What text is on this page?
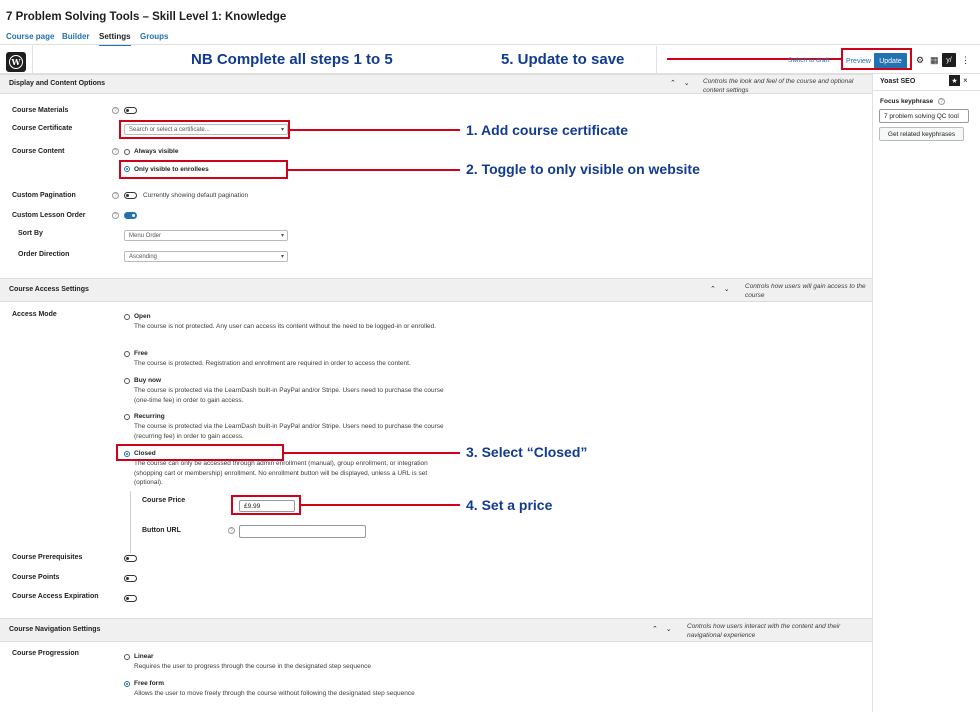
7 Problem Solving Tools – Skill Level 1: Knowledge
Course page Builder Settings Groups
W	NB Complete all steps 1 to 5	5. Update to save	Switch to draft	Preview	Update	⚙ ▦	y/	⋮
Yoast SEO	★ ×
Focus keyphrase	?
7 problem solving QC tool
Get related keyphrases
Display and Content Options	⌃ ⌄ Controls the look and feel of the course and optional content settings
Course Materials	?
Course Certificate	Search or select a certificate... ▾	1. Add course certificate
Course Content	?	Always visible
Only visible to enrollees	2. Toggle to only visible on website
Custom Pagination	?	Currently showing default pagination
Custom Lesson Order	?
Sort By	Menu Order ▾
Order Direction	Ascending ▾
Course Access Settings	⌃ ⌄ Controls how users will gain access to the course
Access Mode	Open
The course is not protected. Any user can access its content without the need to be logged-in or enrolled.
Free
The course is protected. Registration and enrollment are required in order to access the content.
Buy now
The course is protected via the LearnDash built-in PayPal and/or Stripe. Users need to purchase the course (one-time fee) in order to gain access.
Recurring
The course is protected via the LearnDash built-in PayPal and/or Stripe. Users need to purchase the course (recurring fee) in order to gain access.
Closed
The course can only be accessed through admin enrollment (manual), group enrollment, or integration (shopping cart or membership) enrollment. No enrollment button will be displayed, unless a URL is set (optional).
3. Select “Closed”
Course Price
£9.99	4. Set a price
Button URL	?
Course Prerequisites
Course Points
Course Access Expiration
Course Navigation Settings	⌃ ⌄ Controls how users interact with the content and their navigational experience
Course Progression	Linear
Requires the user to progress through the course in the designated step sequence
Free form
Allows the user to move freely through the course without following the designated step sequence
